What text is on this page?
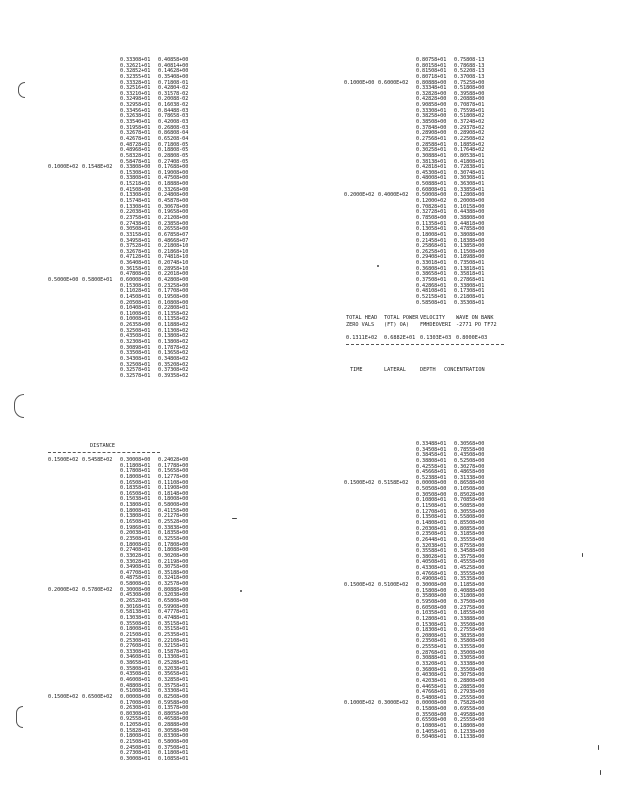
0.33308+01	0.40858+00
0.32621+01	0.40814+00
0.32852+01	0.14628+00
0.32355+01	0.35408+00
0.33328+01	0.71808-01
0.32516+01	0.42804-02
0.33210+01	0.31578-02
0.32498+01	0.20088-02
0.32958+01	0.16038-02
0.33456+01	0.84488-03
0.32638+01	0.78658-03
0.33540+01	0.42008-03
0.31958+01	0.26808-03
0.32678+01	0.86808-04
0.42678+01	0.65208-04
0.48728+01	0.71808-05
0.48968+01	0.18808-05
0.58328+01	0.28808-05
0.58478+01	0.27408-05
0.1000E+02 0.1548E+02	0.33808+00	0.17688+00
0.15308+01	0.19008+00
0.33808+01	0.47508+00
0.15218+01	0.18888+00
0.41508+00	0.33268+00
0.13308+01	0.24808+00
0.15748+01	0.45878+00
0.13308+01	0.30678+00
0.22038+01	0.19658+00
0.23758+01	0.21208+00
0.27438+01	0.23858+00
0.30508+01	0.26558+00
0.33158+01	0.67858+07
0.34958+01	0.48668+07
0.37528+01	0.21808+10
0.32678+01	0.21868+10
0.47128+01	0.74818+10
0.36408+01	0.20748+10
0.36158+01	0.28958+10
0.47808+01	0.22018+00
0.5000E+00 0.5800E+01	0.60008+00	0.42808+00
0.15308+01	0.23258+00
0.11028+01	0.17708+00
0.14508+01	0.19508+00
0.20508+01	0.10808+00
0.10408+01	0.22808+01
0.11008+01	0.11358+02
0.10008+01	0.11358+02
0.26358+00	0.11888+02
0.32508+01	0.11308+02
0.43508+01	0.13808+02
0.32308+01	0.13808+02
0.30898+01	0.17878+02
0.33508+01	0.13658+02
0.34308+01	0.34808+02
0.32508+01	0.35208+02
0.32578+01	0.37308+02
0.32578+01	0.39358+02
0.80758+01	0.75808-13
0.80158+01	0.78688-13
0.81508+01	0.52208-13
0.80718+01	0.37008-13
0.1000E+00 0.6000E+02	0.80888+00	0.75258+00
0.33348+01	0.51808+00
0.32828+00	0.39588+00
0.42828+00	0.20888+00
0.90858+00	0.70878+01
0.33308+01	0.75598+01
0.38258+00	0.51808+02
0.38508+00	0.37248+02
0.37848+00	0.29378+02
0.28908+00	0.28908+02
0.27568+01	0.22508+02
0.28588+01	0.18858+02
0.30258+01	0.17648+02
0.30888+01	0.80538+01
0.38138+01	0.41808+01
0.42818+01	0.72838+01
0.45308+01	0.30748+01
0.48008+01	0.30308+01
0.50888+01	0.36308+01
0.60808+01	0.33858+01
0.2000E+02 0.4000E+02	0.50008+00	0.12808+00
0.12000+02	0.20008+00
0.70828+01	0.10158+00
0.32728+01	0.44388+00
0.78508+00	0.38808+00
0.11358+01	0.44818+00
0.13058+01	0.47858+00
0.18008+01	0.38088+00
0.21458+01	0.18388+00
0.25868+01	0.13858+00
0.26258+01	0.11508+00
0.29408+01	0.18988+00
0.33018+01	0.73508+01
0.36808+01	0.13818+01
0.38658+01	0.35818+01
0.37508+01	0.27868+01
0.42868+01	0.33808+01
0.48108+01	0.17308+01
0.52158+01	0.21808+01
0.58508+01	0.35308+01
TOTAL HEAD TOTAL POWER VELOCITY WAVE ON BANK
ZERO VALS (FT) OA) FMHDEOVERI -2771 PO TF72
0.1311E+02 0.6882E+01 0.1303E+03 0.8000E+03
TIME	LATERAL	DEPTH CONCENTRATION
DISTANCE
0.1500E+02 0.5458E+02	0.30008+00	0.24028+00
0.11808+01	0.17788+00
0.17808+01	0.15658+00
0.18008+01	0.12778+00
0.16508+01	0.11108+00
0.18358+01	0.11908+00
0.16508+01	0.18148+00
0.15038+01	0.18008+00
0.13808+01	0.58008+00
0.18008+01	0.41158+00
0.13808+01	0.21278+00
0.16508+01	0.25528+00
0.19868+01	0.33838+00
0.20038+01	0.18358+00
0.23508+01	0.32558+00
0.18008+01	0.17808+00
0.27408+01	0.18088+00
0.33028+01	0.30208+00
0.33028+01	0.21198+00
0.34908+01	0.30758+00
0.47708+01	0.35188+00
0.48758+01	0.32418+00
0.58008+01	0.32578+00
0.2000E+02 0.5780E+02	0.30008+00	0.80888+00
0.45308+00	0.32038+00
0.26528+01	0.65808+00
0.30168+01	0.59908+00
0.58138+01	0.47778+01
0.13038+01	0.47488+01
0.35508+01	0.35158+01
0.18008+01	0.35158+01
0.21508+01	0.25358+01
0.25308+01	0.22108+01
0.27608+01	0.32158+01
0.33308+01	0.15878+01
0.34608+01	0.13308+01
0.38658+01	0.25288+01
0.35808+01	0.32038+01
0.43508+01	0.35658+01
0.46008+01	0.32858+01
0.48808+01	0.35758+01
0.51008+01	0.33308+01
0.1500E+02 0.6500E+02	0.00008+00	0.82508+00
0.17008+00	0.59588+00
0.26308+01	0.13578+00
0.80308+01	0.88058+00
0.92558+01	0.46588+00
0.12058+01	0.28888+00
0.15828+01	0.30588+00
0.18008+01	0.83308+00
0.21508+01	0.58008+00
0.24508+01	0.37508+01
0.27308+01	0.11808+01
0.30008+01	0.10858+01
0.33488+01	0.30568+00
0.34508+01	0.78558+00
0.38458+01	0.43508+00
0.38808+01	0.52508+00
0.42558+01	0.30278+00
0.45668+01	0.48658+00
0.52388+01	0.31338+00
0.1500E+02 0.5158E+02	0.00008+00	0.86588+00
0.50508+00	0.10508+00
0.30508+00	0.85028+00
0.10808+01	0.70858+00
0.11508+01	0.50858+00
0.12708+01	0.30558+00
0.13508+01	0.55808+00
0.14808+01	0.85508+00
0.20308+01	0.80858+00
0.23508+01	0.31858+00
0.26448+01	0.35558+00
0.32038+01	0.87558+00
0.35588+01	0.34588+00
0.38028+01	0.35758+00
0.40508+01	0.45558+00
0.43308+01	0.45258+00
0.47668+01	0.35558+00
0.49008+01	0.35358+00
0.1500E+02 0.5100E+02	0.30008+00	0.11858+00
0.15808+00	0.40888+00
0.35808+00	0.31808+00
0.59508+00	0.37508+00
0.60508+00	0.23758+00
0.10358+01	0.18558+00
0.12808+01	0.33888+00
0.15308+01	0.35508+00
0.18308+01	0.27558+00
0.20808+01	0.38358+00
0.23508+01	0.35808+00
0.25558+01	0.33558+00
0.28768+01	0.35008+00
0.30888+01	0.33058+00
0.33208+01	0.33388+00
0.36808+01	0.35508+00
0.40308+01	0.30758+00
0.42038+01	0.28808+00
0.44658+01	0.28858+00
0.47668+01	0.27938+00
0.54808+01	0.25558+00
0.1000E+02 0.3000E+02	0.00008+00	0.75828+00
0.15808+00	0.69558+00
0.35508+00	0.49588+00
0.65508+00	0.25558+00
0.10808+01	0.18808+00
0.14058+01	0.12338+00
0.50408+01	0.11338+00
